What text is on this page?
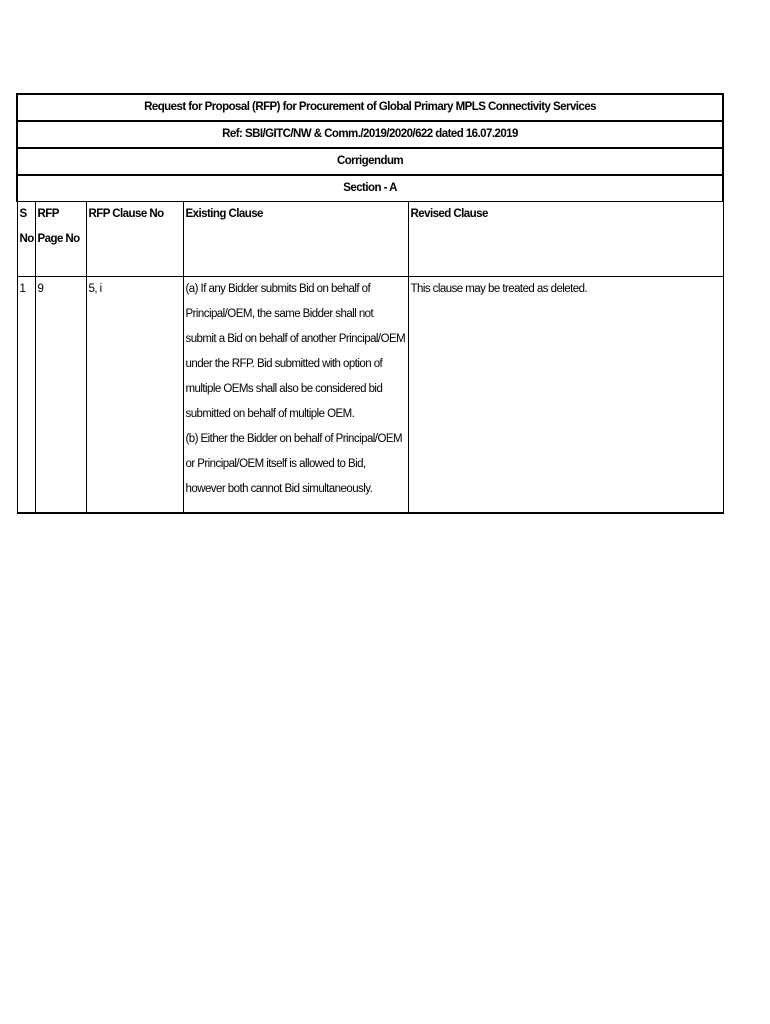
Request for Proposal (RFP) for Procurement of Global Primary MPLS Connectivity Services				
Ref: SBI/GITC/NW & Comm./2019/2020/622 dated 16.07.2019				
Corrigendum				
Section - A				
S No	RFP Page No	RFP Clause No	Existing Clause	Revised Clause
1	9	5, i	(a) If any Bidder submits Bid on behalf of Principal/OEM, the same Bidder shall not submit a Bid on behalf of another Principal/OEM under the RFP. Bid submitted with option of multiple OEMs shall also be considered bid submitted on behalf of multiple OEM.
(b) Either the Bidder on behalf of Principal/OEM or Principal/OEM itself is allowed to Bid, however both cannot Bid simultaneously.	This clause may be treated as deleted.
